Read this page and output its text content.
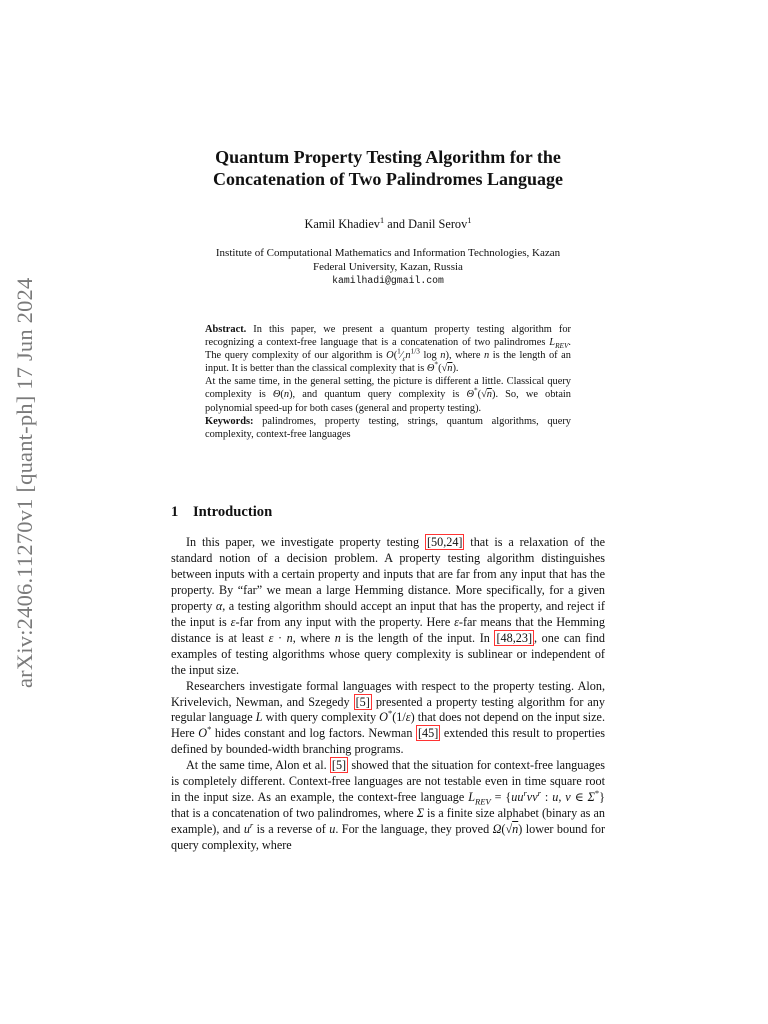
arXiv:2406.11270v1 [quant-ph] 17 Jun 2024
Quantum Property Testing Algorithm for the
Concatenation of Two Palindromes Language
Kamil Khadiev$^1$ and Danil Serov$^1$
Institute of Computational Mathematics and Information Technologies, Kazan
Federal University, Kazan, Russia
kamilhadi@gmail.com

Abstract. In this paper, we present a quantum property testing algorithm for recognizing a context-free language that is a concatenation of two palindromes $L_{REV}$. The query complexity of our algorithm is $O(^1⁄_\varepsilon n^{1/3}$ log n), where n is the length of an input. It is better than the classical complexity that is Θ*(√n).

At the same time, in the general setting, the picture is different a little. Classical query complexity is Θ(n), and quantum query complexity is Θ*(√n). So, we obtain polynomial speed-up for both cases (general and property testing).

Keywords: palindromes, property testing, strings, quantum algorithms, query complexity, context-free languages

1 Introduction

In this paper, we investigate property testing [50,24] that is a relaxation of the standard notion of a decision problem. A property testing algorithm distinguishes between inputs with a certain property and inputs that are far from any input that has the property. By “far” we mean a large Hemming distance. More specifically, for a given property α, a testing algorithm should accept an input that has the property, and reject if the input is ε-far from any input with the property. Here ε-far means that the Hemming distance is at least ε · n, where n is the length of the input. In [48,23] , one can find examples of testing algorithms whose query complexity is sublinear or independent of the input size.

Researchers investigate formal languages with respect to the property testing. Alon, Krivelevich, Newman, and Szegedy [5] presented a property testing algorithm for any regular language L with query complexity O*(1/ε) that does not depend on the input size. Here O* hides constant and log factors. Newman [45] extended this result to properties defined by bounded-width branching programs.

At the same time, Alon et al. [5] showed that the situation for context-free languages is completely different. Context-free languages are not testable even in time square root in the input size. As an example, the context-free language $L_{REV} = \{uu^rvv^r$ : u, v ∈ Σ*} that is a concatenation of two palindromes, where Σ is a finite size alphabet (binary as an example), and $u^r$ is a reverse of u. For the language, they proved Ω(√n) lower bound for query complexity, where
